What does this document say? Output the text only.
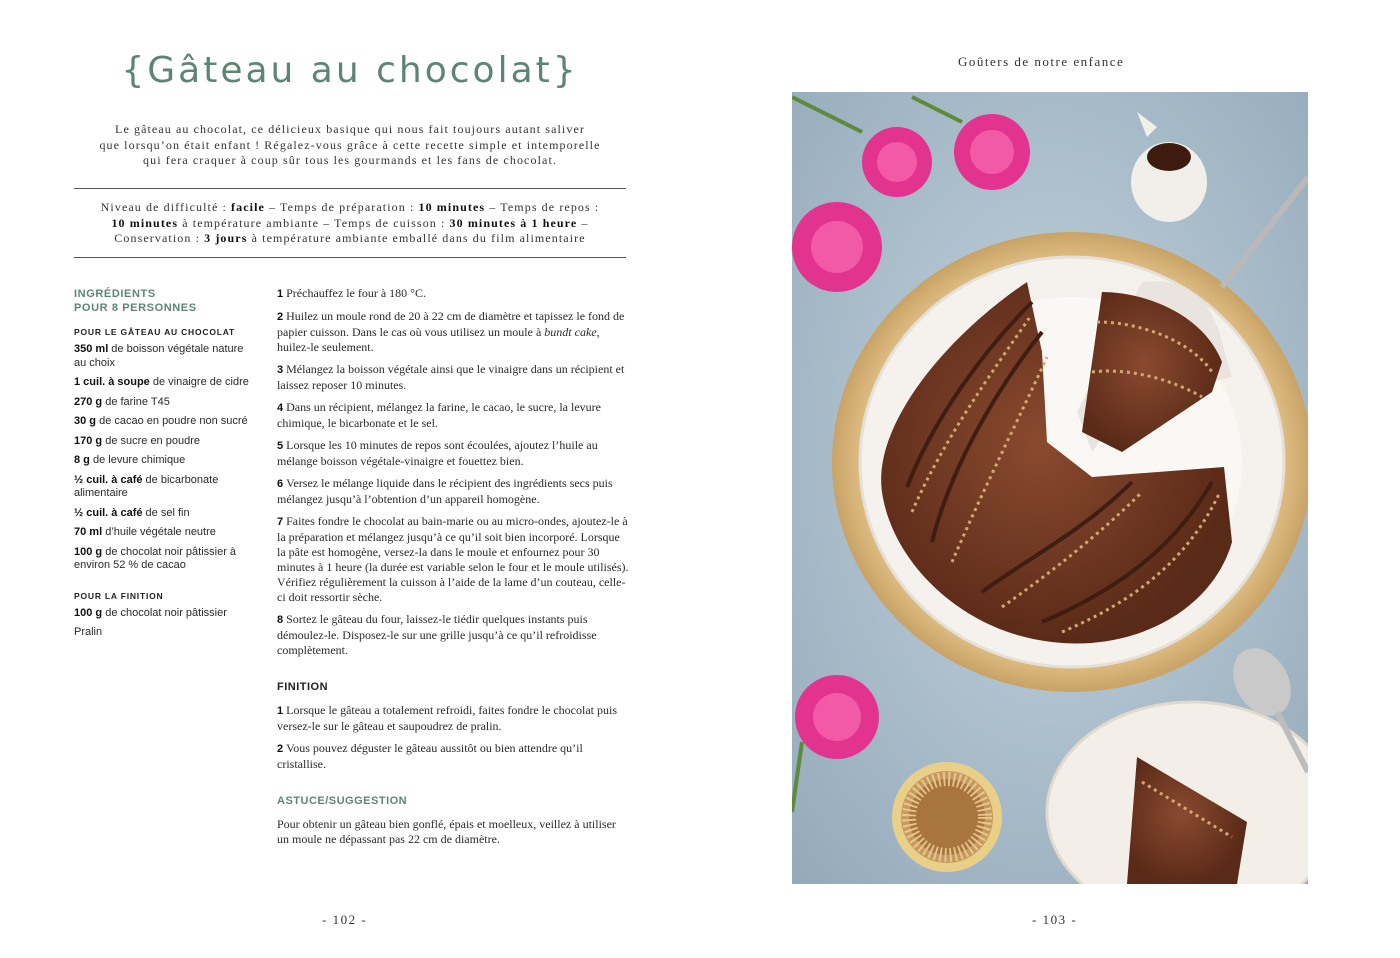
{Gâteau au chocolat}
Le gâteau au chocolat, ce délicieux basique qui nous fait toujours autant saliver
que lorsqu’on était enfant ! Régalez-vous grâce à cette recette simple et intemporelle
qui fera craquer à coup sûr tous les gourmands et les fans de chocolat.
Niveau de difficulté : facile – Temps de préparation : 10 minutes – Temps de repos :
10 minutes à température ambiante – Temps de cuisson : 30 minutes à 1 heure –
Conservation : 3 jours à température ambiante emballé dans du film alimentaire
INGRÉDIENTS
POUR 8 PERSONNES
POUR LE GÂTEAU AU CHOCOLAT
350 ml de boisson végétale nature au choix
1 cuil. à soupe de vinaigre de cidre
270 g de farine T45
30 g de cacao en poudre non sucré
170 g de sucre en poudre
8 g de levure chimique
½ cuil. à café de bicarbonate alimentaire
½ cuil. à café de sel fin
70 ml d’huile végétale neutre
100 g de chocolat noir pâtissier à environ 52 % de cacao
POUR LA FINITION
100 g de chocolat noir pâtissier
Pralin
1 Préchauffez le four à 180 °C.
2 Huilez un moule rond de 20 à 22 cm de diamètre et tapissez le fond de papier cuisson. Dans le cas où vous utilisez un moule à bundt cake, huilez-le seulement.
3 Mélangez la boisson végétale ainsi que le vinaigre dans un récipient et laissez reposer 10 minutes.
4 Dans un récipient, mélangez la farine, le cacao, le sucre, la levure chimique, le bicarbonate et le sel.
5 Lorsque les 10 minutes de repos sont écoulées, ajoutez l’huile au mélange boisson végétale-vinaigre et fouettez bien.
6 Versez le mélange liquide dans le récipient des ingrédients secs puis mélangez jusqu’à l’obtention d’un appareil homogène.
7 Faites fondre le chocolat au bain-marie ou au micro-ondes, ajoutez-le à la préparation et mélangez jusqu’à ce qu’il soit bien incorporé. Lorsque la pâte est homogène, versez-la dans le moule et enfournez pour 30 minutes à 1 heure (la durée est variable selon le four et le moule utilisés). Vérifiez régulièrement la cuisson à l’aide de la lame d’un couteau, celle-ci doit ressortir sèche.
8 Sortez le gâteau du four, laissez-le tiédir quelques instants puis démoulez-le. Disposez-le sur une grille jusqu’à ce qu’il refroidisse complètement.
FINITION
1 Lorsque le gâteau a totalement refroidi, faites fondre le chocolat puis versez-le sur le gâteau et saupoudrez de pralin.
2 Vous pouvez déguster le gâteau aussitôt ou bien attendre qu’il cristallise.
ASTUCE/SUGGESTION
Pour obtenir un gâteau bien gonflé, épais et moelleux, veillez à utiliser un moule ne dépassant pas 22 cm de diamètre.
- 102 -
Goûters de notre enfance
- 103 -
